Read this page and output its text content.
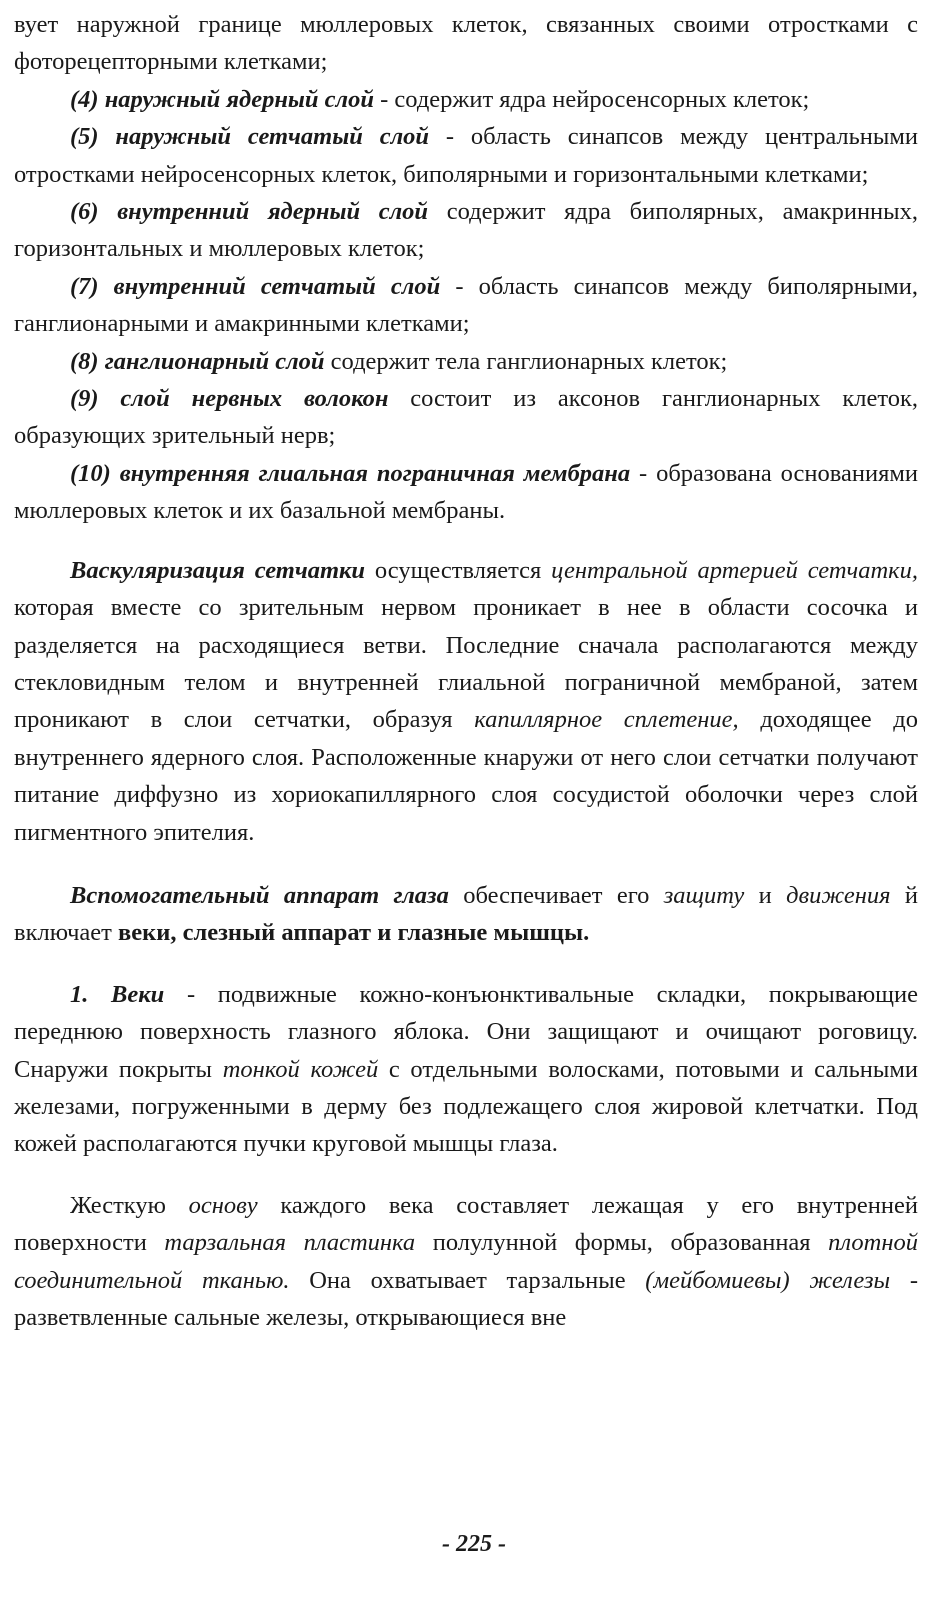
вует наружной границе мюллеровых клеток, связанных своими отростками с фоторецепторными клетками;

(4) наружный ядерный слой - содержит ядра нейросенсорных клеток;

(5) наружный сетчатый слой - область синапсов между центральными отростками нейросенсорных клеток, биполярными и горизонтальными клетками;

(6) внутренний ядерный слой содержит ядра биполярных, амакринных, горизонтальных и мюллеровых клеток;

(7) внутренний сетчатый слой - область синапсов между биполярными, ганглионарными и амакринными клетками;

(8) ганглионарный слой содержит тела ганглионарных клеток;

(9) слой нервных волокон состоит из аксонов ганглионарных клеток, образующих зрительный нерв;

(10) внутренняя глиальная пограничная мембрана - образована основаниями мюллеровых клеток и их базальной мембраны.

Васкуляризация сетчатки осуществляется центральной артерией сетчатки, которая вместе со зрительным нервом проникает в нее в области сосочка и разделяется на расходящиеся ветви. Последние сначала располагаются между стекловидным телом и внутренней глиальной пограничной мембраной, затем проникают в слои сетчатки, образуя капиллярное сплетение, доходящее до внутреннего ядерного слоя. Расположенные кнаружи от него слои сетчатки получают питание диффузно из хориокапиллярного слоя сосудистой оболочки через слой пигментного эпителия.

Вспомогательный аппарат глаза обеспечивает его защиту и движения й включает веки, слезный аппарат и глазные мышцы.

1. Веки - подвижные кожно-конъюнктивальные складки, покрывающие переднюю поверхность глазного яблока. Они защищают и очищают роговицу. Снаружи покрыты тонкой кожей с отдельными волосками, потовыми и сальными железами, погруженными в дерму без подлежащего слоя жировой клетчатки. Под кожей располагаются пучки круговой мышцы глаза.

Жесткую основу каждого века составляет лежащая у его внутренней поверхности тарзальная пластинка полулунной формы, образованная плотной соединительной тканью. Она охватывает тарзальные (мейбомиевы) железы - разветвленные сальные железы, открывающиеся вне

- 225 -
